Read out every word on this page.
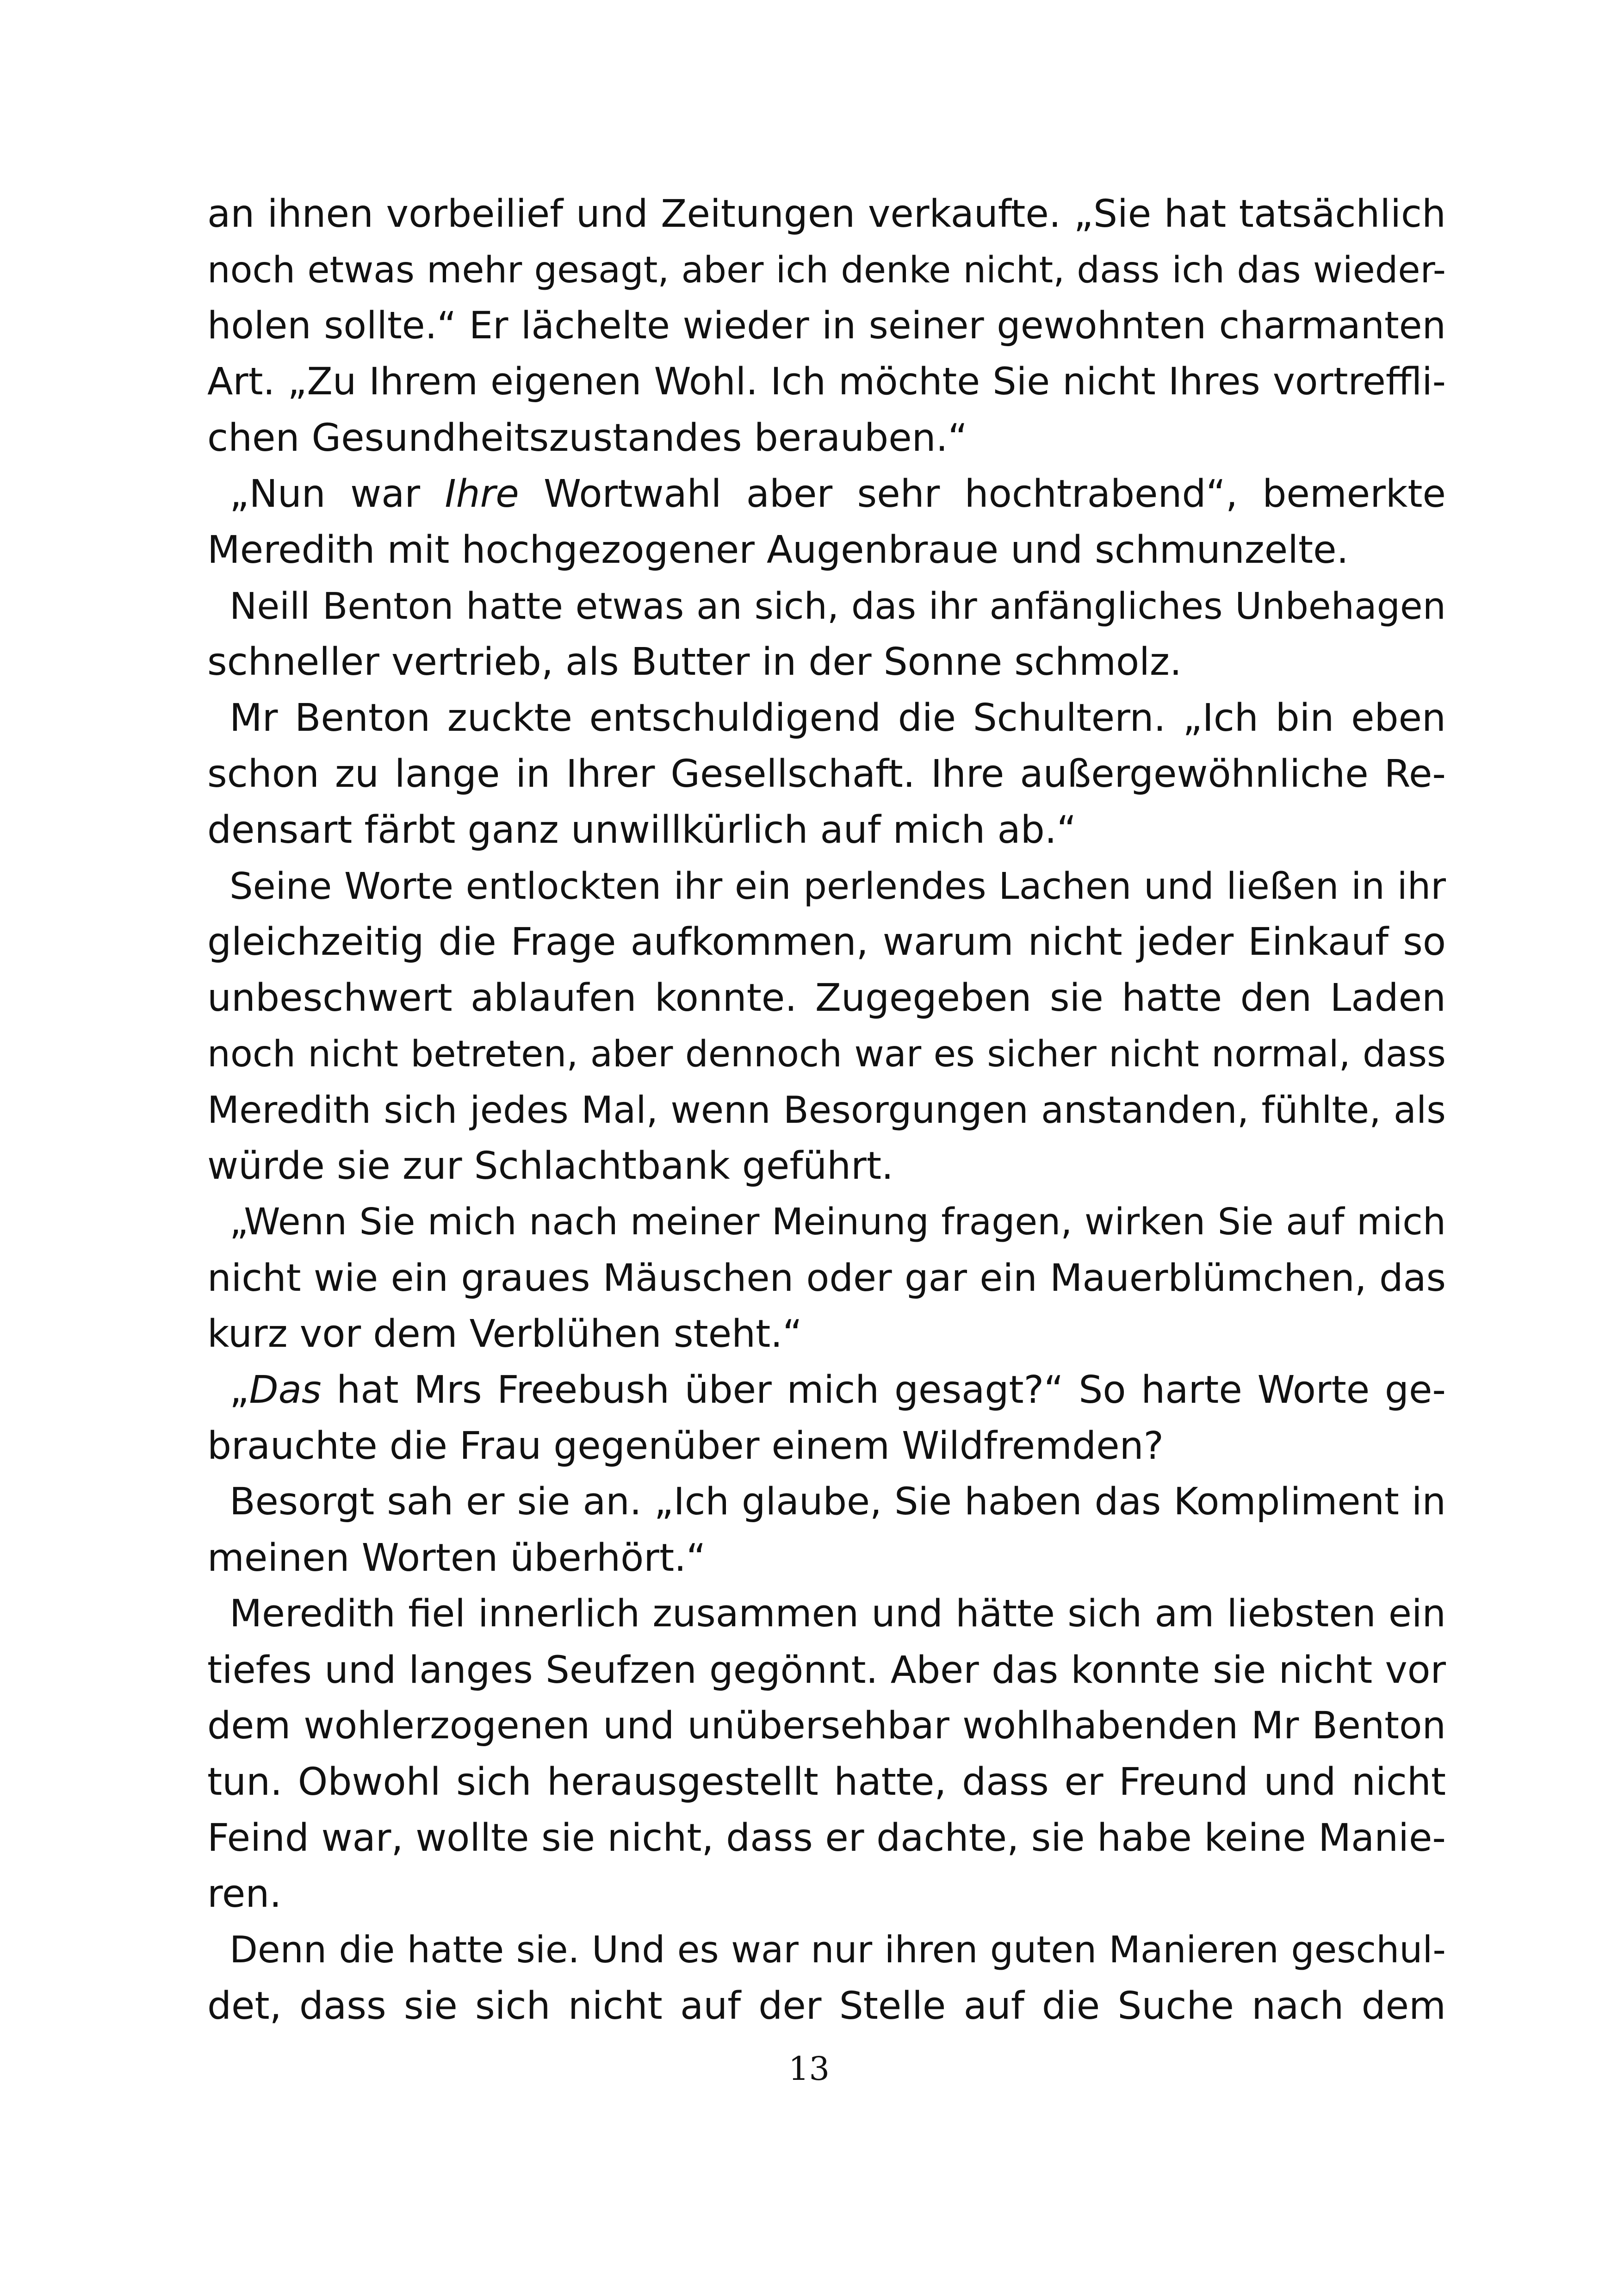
an ihnen vorbeilief und Zeitungen verkaufte. „Sie hat tatsächlich
noch etwas mehr gesagt, aber ich denke nicht, dass ich das wieder-
holen sollte.“ Er lächelte wieder in seiner gewohnten charmanten
Art. „Zu Ihrem eigenen Wohl. Ich möchte Sie nicht Ihres vortreffli-
chen Gesundheitszustandes berauben.“
„Nun war Ihre Wortwahl aber sehr hochtrabend“, bemerkte
Meredith mit hochgezogener Augenbraue und schmunzelte.
Neill Benton hatte etwas an sich, das ihr anfängliches Unbehagen
schneller vertrieb, als Butter in der Sonne schmolz.
Mr Benton zuckte entschuldigend die Schultern. „Ich bin eben
schon zu lange in Ihrer Gesellschaft. Ihre außergewöhnliche Re-
densart färbt ganz unwillkürlich auf mich ab.“
Seine Worte entlockten ihr ein perlendes Lachen und ließen in ihr
gleichzeitig die Frage aufkommen, warum nicht jeder Einkauf so
unbeschwert ablaufen konnte. Zugegeben sie hatte den Laden
noch nicht betreten, aber dennoch war es sicher nicht normal, dass
Meredith sich jedes Mal, wenn Besorgungen anstanden, fühlte, als
würde sie zur Schlachtbank geführt.
„Wenn Sie mich nach meiner Meinung fragen, wirken Sie auf mich
nicht wie ein graues Mäuschen oder gar ein Mauerblümchen, das
kurz vor dem Verblühen steht.“
„Das hat Mrs Freebush über mich gesagt?“ So harte Worte ge-
brauchte die Frau gegenüber einem Wildfremden?
Besorgt sah er sie an. „Ich glaube, Sie haben das Kompliment in
meinen Worten überhört.“
Meredith fiel innerlich zusammen und hätte sich am liebsten ein
tiefes und langes Seufzen gegönnt. Aber das konnte sie nicht vor
dem wohlerzogenen und unübersehbar wohlhabenden Mr Benton
tun. Obwohl sich herausgestellt hatte, dass er Freund und nicht
Feind war, wollte sie nicht, dass er dachte, sie habe keine Manie-
ren.
Denn die hatte sie. Und es war nur ihren guten Manieren geschul-
det, dass sie sich nicht auf der Stelle auf die Suche nach dem
13
